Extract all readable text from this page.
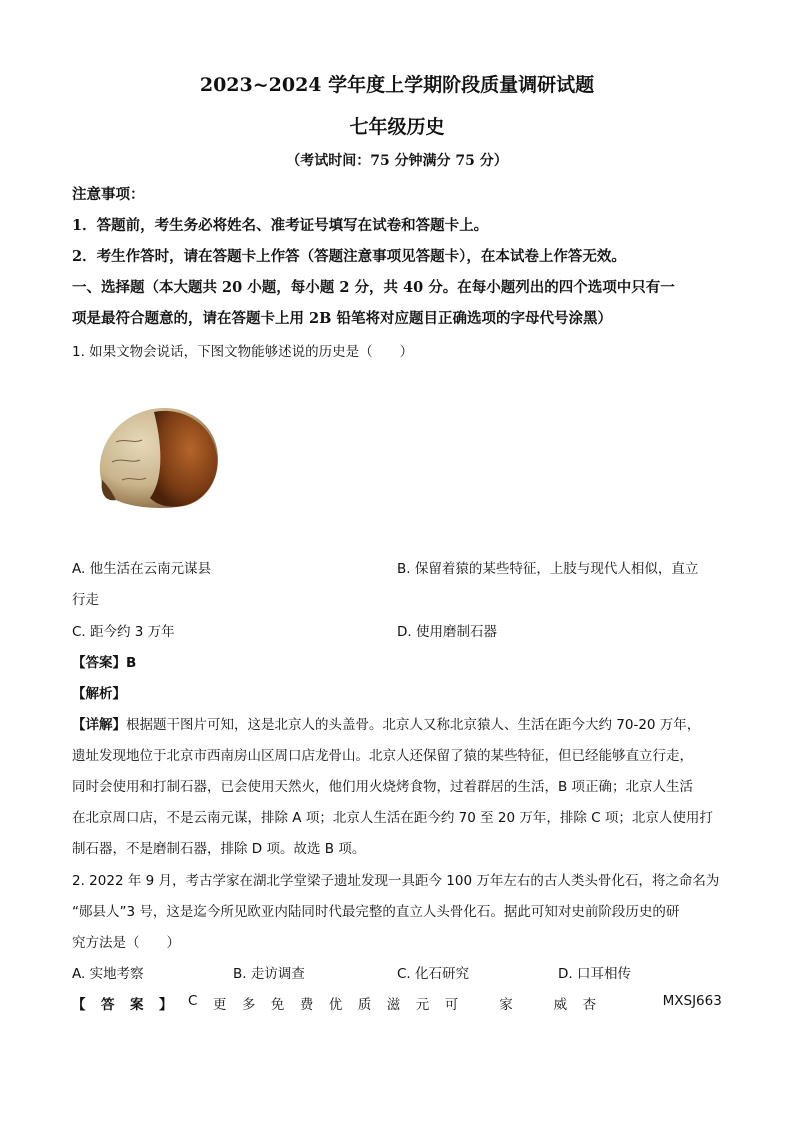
2023~2024 学年度上学期阶段质量调研试题
七年级历史
（考试时间：75 分钟满分 75 分）
注意事项：
1．答题前，考生务必将姓名、准考证号填写在试卷和答题卡上。
2．考生作答时，请在答题卡上作答（答题注意事项见答题卡），在本试卷上作答无效。
一、选择题（本大题共 20 小题，每小题 2 分，共 40 分。在每小题列出的四个选项中只有一
项是最符合题意的，请在答题卡上用 2B 铅笔将对应题目正确选项的字母代号涂黑）
1. 如果文物会说话，下图文物能够述说的历史是（　　）
A. 他生活在云南元谋县	B. 保留着猿的某些特征，上肢与现代人相似，直立
行走
C. 距今约 3 万年	D. 使用磨制石器
【答案】B
【解析】
【详解】根据题干图片可知，这是北京人的头盖骨。北京人又称北京猿人、生活在距今大约 70-20 万年，
遗址发现地位于北京市西南房山区周口店龙骨山。北京人还保留了猿的某些特征，但已经能够直立行走，
同时会使用和打制石器，已会使用天然火，他们用火烧烤食物，过着群居的生活，B 项正确；北京人生活
在北京周口店，不是云南元谋，排除 A 项；北京人生活在距今约 70 至 20 万年，排除 C 项；北京人使用打
制石器，不是磨制石器，排除 D 项。故选 B 项。
2. 2022 年 9 月，考古学家在湖北学堂梁子遗址发现一具距今 100 万年左右的古人类头骨化石，将之命名为
“郧县人”3 号，这是迄今所见欧亚内陆同时代最完整的直立人头骨化石。据此可知对史前阶段历史的研
究方法是（　　）
A. 实地考察	B. 走访调查	C. 化石研究	D. 口耳相传
【 答 案 】 C 更 多 免 费 优 质 滋 元 可	家	威 杏	MXSJ663
